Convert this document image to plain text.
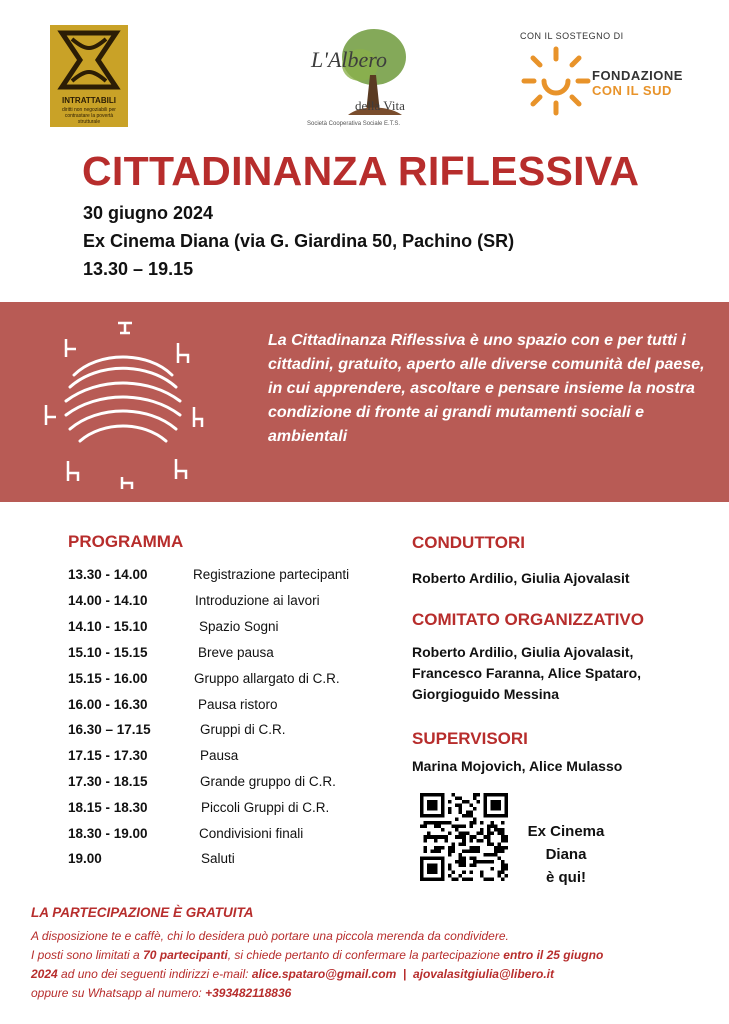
INTRATTABILI
diritti non negoziabili per contrastare la povertà strutturale
L'Albero
della Vita
Società Cooperativa Sociale E.T.S.
CON IL SOSTEGNO DI
FONDAZIONE
CON IL SUD
CITTADINANZA RIFLESSIVA
30 giugno 2024
Ex Cinema Diana (via G. Giardina 50, Pachino (SR)
13.30 – 19.15
La Cittadinanza Riflessiva è uno spazio con e per tutti i cittadini, gratuito, aperto alle diverse comunità del paese, in cui apprendere, ascoltare e pensare insieme la nostra condizione di fronte ai grandi mutamenti sociali e ambientali
PROGRAMMA
13.30 - 14.00	Registrazione partecipanti
14.00 - 14.10	Introduzione ai lavori
14.10 - 15.10	Spazio Sogni
15.10 - 15.15	Breve pausa
15.15 - 16.00	Gruppo allargato di C.R.
16.00 - 16.30	Pausa ristoro
16.30 – 17.15	Gruppi di C.R.
17.15 - 17.30	Pausa
17.30 - 18.15	Grande gruppo di C.R.
18.15 - 18.30	Piccoli Gruppi di C.R.
18.30 - 19.00	Condivisioni finali
19.00	Saluti
CONDUTTORI
Roberto Ardilio, Giulia Ajovalasit
COMITATO ORGANIZZATIVO
Roberto Ardilio, Giulia Ajovalasit,
Francesco Faranna, Alice Spataro,
Giorgioguido Messina
SUPERVISORI
Marina Mojovich, Alice Mulasso
Ex Cinema Diana
è qui!
LA PARTECIPAZIONE È GRATUITA
A disposizione te e caffè, chi lo desidera può portare una piccola merenda da condividere.
I posti sono limitati a 70 partecipanti, si chiede pertanto di confermare la partecipazione entro il 25 giugno
2024 ad uno dei seguenti indirizzi e-mail: alice.spataro@gmail.com  |  ajovalasitgiulia@libero.it
oppure su Whatsapp al numero: +393482118836
